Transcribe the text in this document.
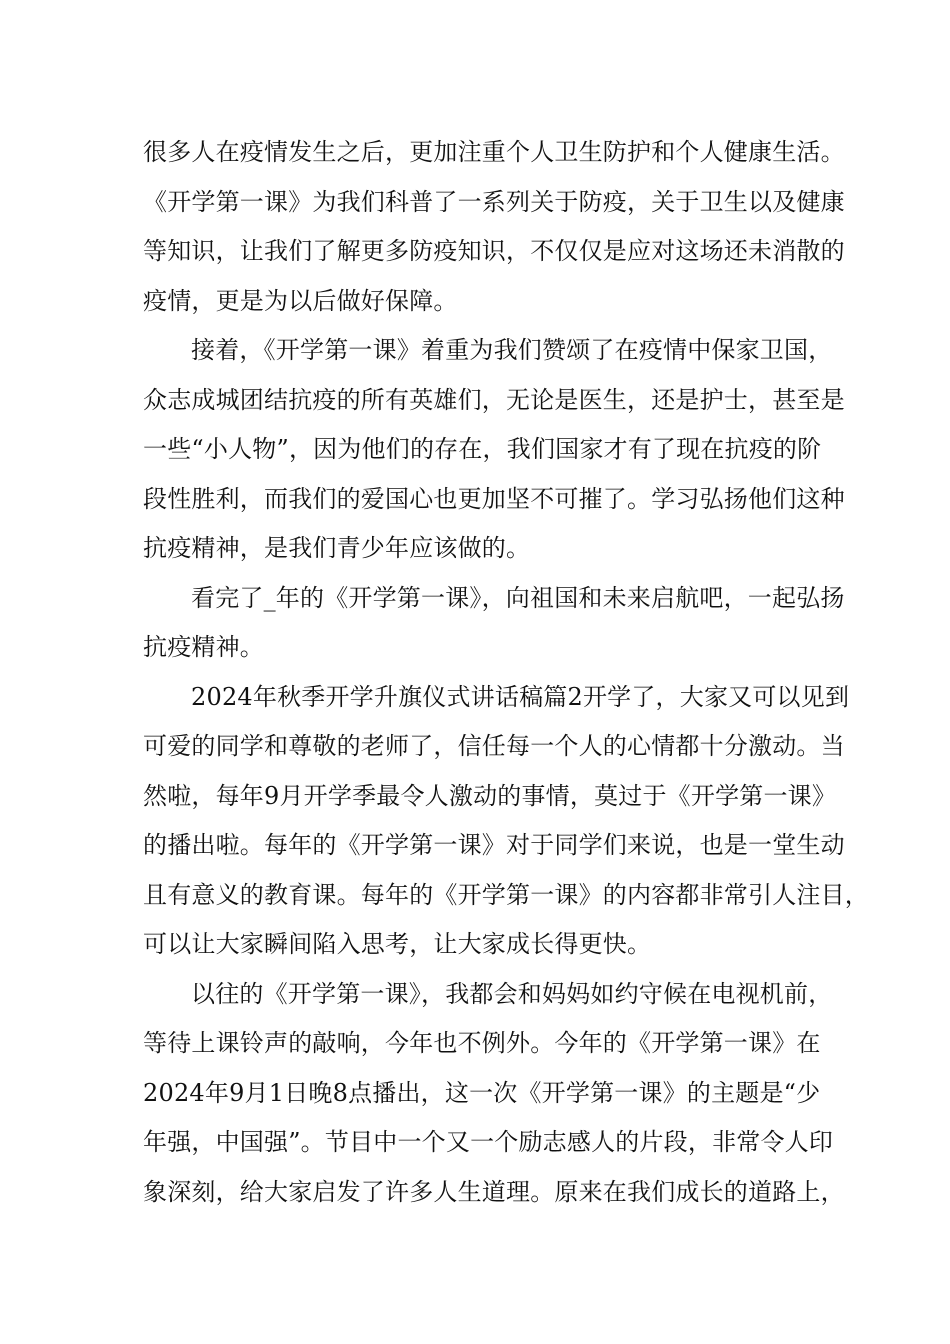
很多人在疫情发生之后，更加注重个人卫生防护和个人健康生活。
《开学第一课》为我们科普了一系列关于防疫，关于卫生以及健康
等知识，让我们了解更多防疫知识，不仅仅是应对这场还未消散的
疫情，更是为以后做好保障。

接着，《开学第一课》着重为我们赞颂了在疫情中保家卫国，
众志成城团结抗疫的所有英雄们，无论是医生，还是护士，甚至是
一些“小人物”，因为他们的存在，我们国家才有了现在抗疫的阶
段性胜利，而我们的爱国心也更加坚不可摧了。学习弘扬他们这种
抗疫精神，是我们青少年应该做的。

看完了_年的《开学第一课》，向祖国和未来启航吧，一起弘扬
抗疫精神。

2024年秋季开学升旗仪式讲话稿篇2开学了，大家又可以见到
可爱的同学和尊敬的老师了，信任每一个人的心情都十分激动。当
然啦，每年9月开学季最令人激动的事情，莫过于《开学第一课》
的播出啦。每年的《开学第一课》对于同学们来说，也是一堂生动
且有意义的教育课。每年的《开学第一课》的内容都非常引人注目，
可以让大家瞬间陷入思考，让大家成长得更快。

以往的《开学第一课》，我都会和妈妈如约守候在电视机前，
等待上课铃声的敲响，今年也不例外。今年的《开学第一课》在
2024年9月1日晚8点播出，这一次《开学第一课》的主题是“少
年强，中国强”。节目中一个又一个励志感人的片段，非常令人印
象深刻，给大家启发了许多人生道理。原来在我们成长的道路上，
